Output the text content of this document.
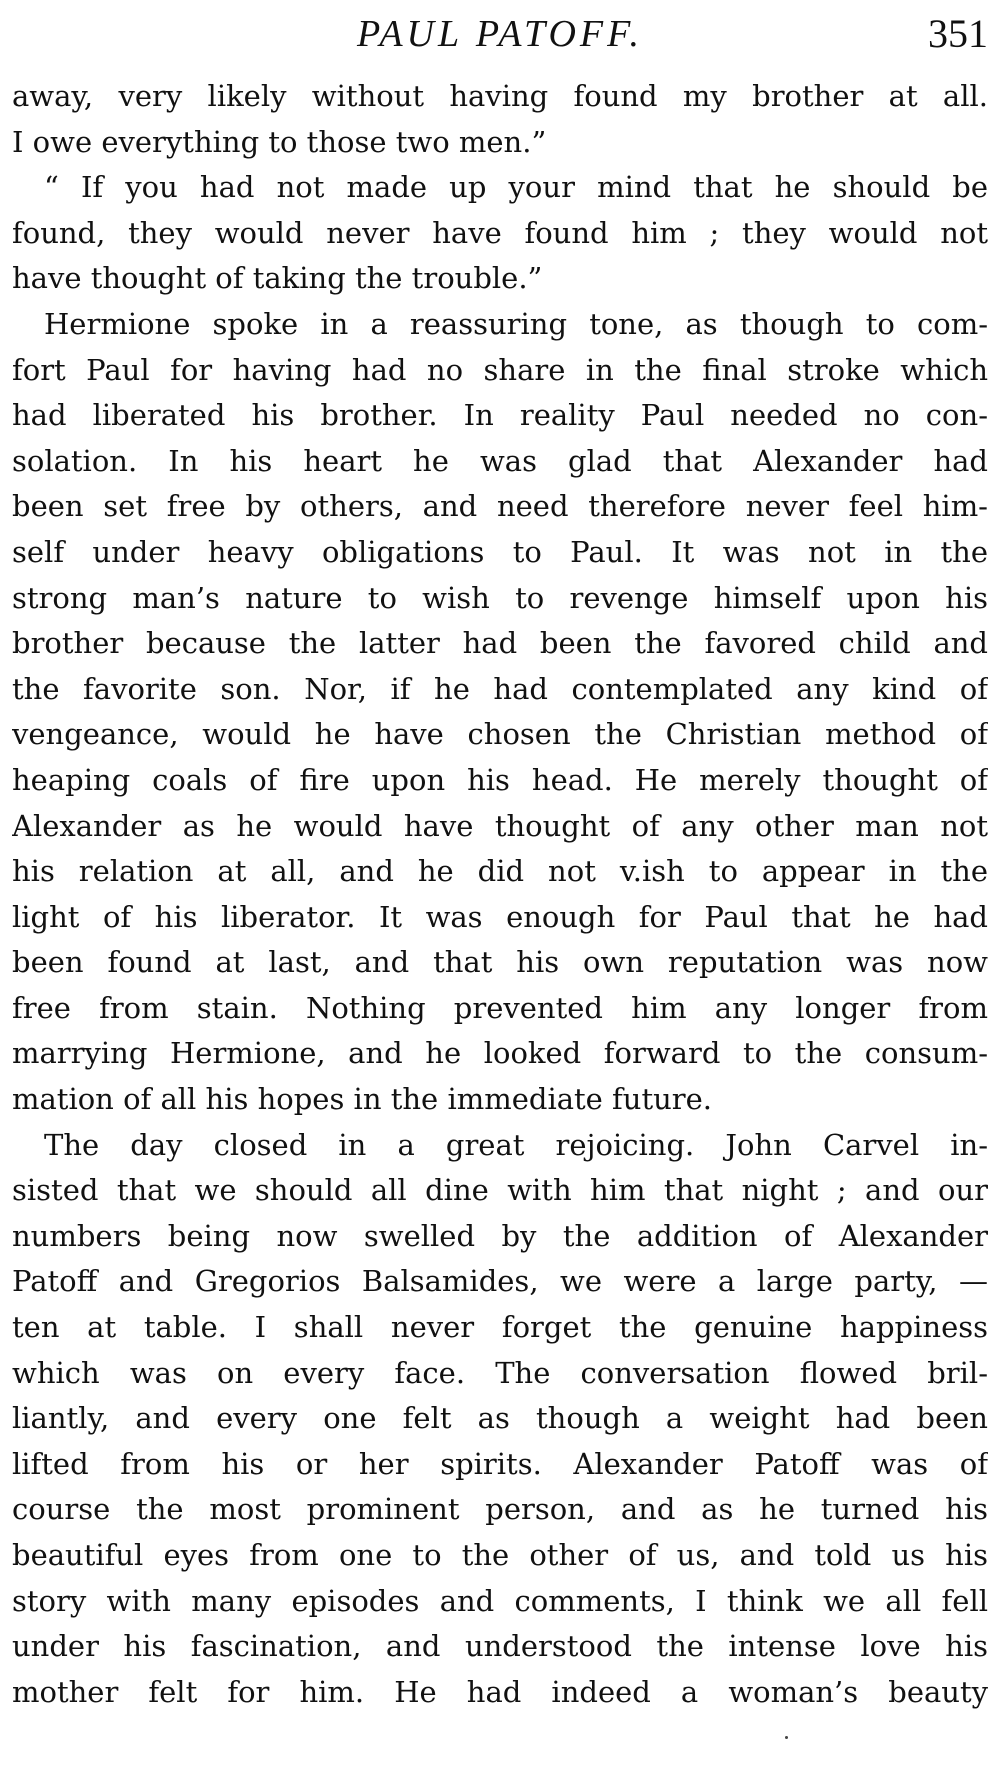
PAUL PATOFF.	351
away, very likely without having found my brother at all.
I owe everything to those two men.”
“ If you had not made up your mind that he should be
found, they would never have found him ; they would not
have thought of taking the trouble.”
Hermione spoke in a reassuring tone, as though to com-
fort Paul for having had no share in the final stroke which
had liberated his brother. In reality Paul needed no con-
solation. In his heart he was glad that Alexander had
been set free by others, and need therefore never feel him-
self under heavy obligations to Paul. It was not in the
strong man’s nature to wish to revenge himself upon his
brother because the latter had been the favored child and
the favorite son. Nor, if he had contemplated any kind of
vengeance, would he have chosen the Christian method of
heaping coals of fire upon his head. He merely thought of
Alexander as he would have thought of any other man not
his relation at all, and he did not v.ish to appear in the
light of his liberator. It was enough for Paul that he had
been found at last, and that his own reputation was now
free from stain. Nothing prevented him any longer from
marrying Hermione, and he looked forward to the consum-
mation of all his hopes in the immediate future.
The day closed in a great rejoicing. John Carvel in-
sisted that we should all dine with him that night ; and our
numbers being now swelled by the addition of Alexander
Patoff and Gregorios Balsamides, we were a large party, —
ten at table. I shall never forget the genuine happiness
which was on every face. The conversation flowed bril-
liantly, and every one felt as though a weight had been
lifted from his or her spirits. Alexander Patoff was of
course the most prominent person, and as he turned his
beautiful eyes from one to the other of us, and told us his
story with many episodes and comments, I think we all fell
under his fascination, and understood the intense love his
mother felt for him. He had indeed a woman’s beauty
